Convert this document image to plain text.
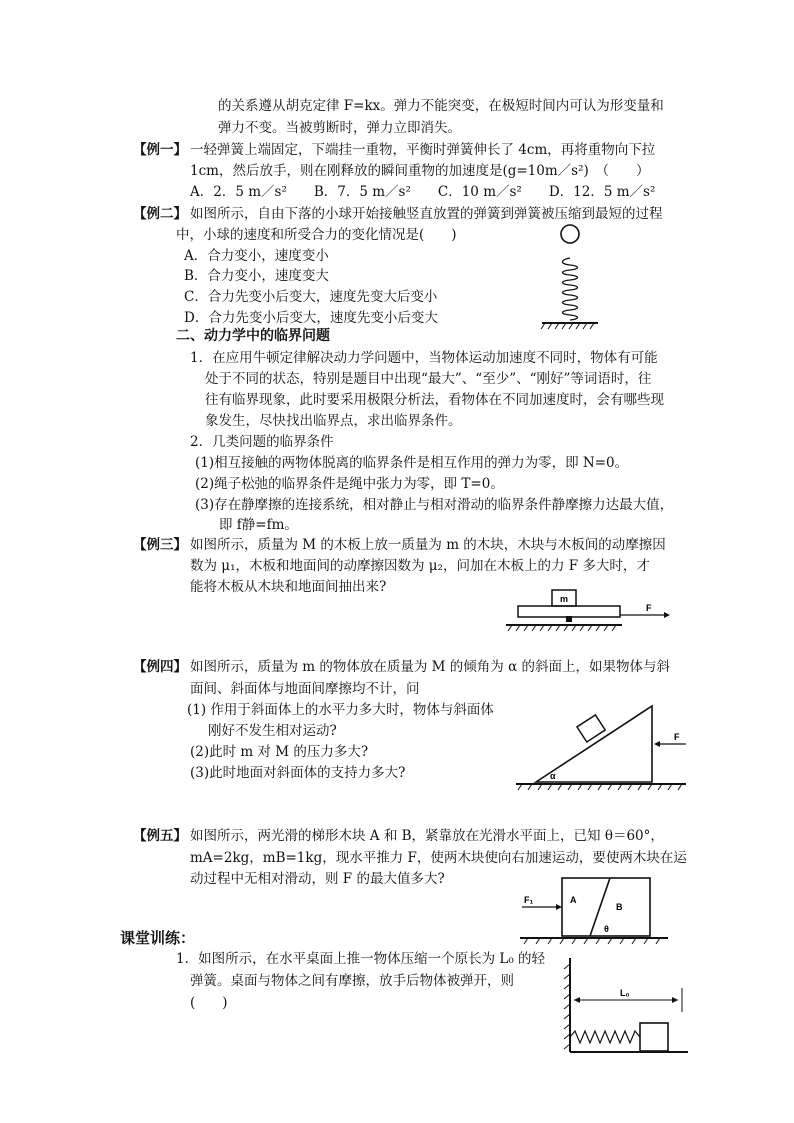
的关系遵从胡克定律 F=kx。弹力不能突变，在极短时间内可认为形变量和
弹力不变。当被剪断时，弹力立即消失。
【例一】 一轻弹簧上端固定，下端挂一重物，平衡时弹簧伸长了 4cm，再将重物向下拉
1cm，然后放手，则在刚释放的瞬间重物的加速度是(g=10m／s²)　（　　）
A．2．5 m／s²　　B．7．5 m／s²　　C．10 m／s²　　D．12．5 m／s²
【例二】 如图所示，自由下落的小球开始接触竖直放置的弹簧到弹簧被压缩到最短的过程
中，小球的速度和所受合力的变化情况是(　　)
A．合力变小，速度变小
B．合力变小，速度变大
C．合力先变小后变大，速度先变大后变小
D．合力先变小后变大，速度先变小后变大
二、动力学中的临界问题
1．在应用牛顿定律解决动力学问题中，当物体运动加速度不同时，物体有可能
处于不同的状态，特别是题目中出现“最大”、“至少”、“刚好”等词语时，往
往有临界现象，此时要采用极限分析法，看物体在不同加速度时，会有哪些现
象发生，尽快找出临界点，求出临界条件。
2．几类问题的临界条件
(1)相互接触的两物体脱离的临界条件是相互作用的弹力为零，即 N=0。
(2)绳子松弛的临界条件是绳中张力为零，即 T=0。
(3)存在静摩擦的连接系统，相对静止与相对滑动的临界条件静摩擦力达最大值，
即 f静=fm。
【例三】 如图所示，质量为 M 的木板上放一质量为 m 的木块，木块与木板间的动摩擦因
数为 μ₁，木板和地面间的动摩擦因数为 μ₂，问加在木板上的力 F 多大时，才
能将木板从木块和地面间抽出来?
m
F
【例四】 如图所示，质量为 m 的物体放在质量为 M 的倾角为 α 的斜面上，如果物体与斜
面间、斜面体与地面间摩擦均不计，问
(1) 作用于斜面体上的水平力多大时，物体与斜面体
刚好不发生相对运动?
(2)此时 m 对 M 的压力多大?
(3)此时地面对斜面体的支持力多大?	α
F
【例五】 如图所示，两光滑的梯形木块 A 和 B，紧靠放在光滑水平面上，已知 θ＝60°，
mA=2kg，mB=1kg，现水平推力 F，使两木块使向右加速运动，要使两木块在运
动过程中无相对滑动，则 F 的最大值多大?
A
B
θ
F₁
课堂训练：
1．如图所示，在水平桌面上推一物体压缩一个原长为 L₀ 的轻
弹簧。桌面与物体之间有摩擦，放手后物体被弹开，则
(　　)
L₀
